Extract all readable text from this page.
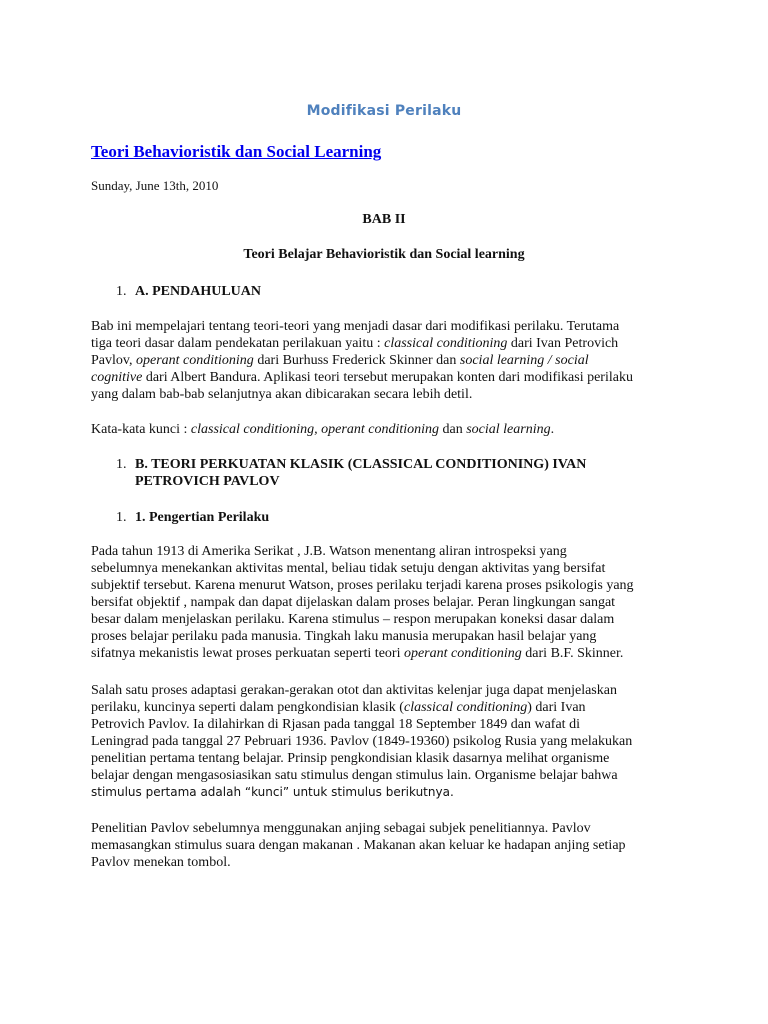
Modifikasi Perilaku
Teori Behavioristik dan Social Learning
Sunday, June 13th, 2010
BAB II
Teori Belajar Behavioristik dan Social learning
1. A. PENDAHULUAN
Bab ini mempelajari tentang teori-teori yang menjadi dasar dari modifikasi perilaku. Terutama
tiga teori dasar dalam pendekatan perilakuan yaitu : classical conditioning dari Ivan Petrovich
Pavlov, operant conditioning dari Burhuss Frederick Skinner dan social learning / social
cognitive dari Albert Bandura. Aplikasi teori tersebut merupakan konten dari modifikasi perilaku
yang dalam bab-bab selanjutnya akan dibicarakan secara lebih detil.
Kata-kata kunci : classical conditioning, operant conditioning dan social learning.
1. B. TEORI PERKUATAN KLASIK (CLASSICAL CONDITIONING) IVAN
PETROVICH PAVLOV
1. 1. Pengertian Perilaku
Pada tahun 1913 di Amerika Serikat , J.B. Watson menentang aliran introspeksi yang
sebelumnya menekankan aktivitas mental, beliau tidak setuju dengan aktivitas yang bersifat
subjektif tersebut. Karena menurut Watson, proses perilaku terjadi karena proses psikologis yang
bersifat objektif , nampak dan dapat dijelaskan dalam proses belajar. Peran lingkungan sangat
besar dalam menjelaskan perilaku. Karena stimulus – respon merupakan koneksi dasar dalam
proses belajar perilaku pada manusia. Tingkah laku manusia merupakan hasil belajar yang
sifatnya mekanistis lewat proses perkuatan seperti teori operant conditioning dari B.F. Skinner.
Salah satu proses adaptasi gerakan-gerakan otot dan aktivitas kelenjar juga dapat menjelaskan
perilaku, kuncinya seperti dalam pengkondisian klasik (classical conditioning) dari Ivan
Petrovich Pavlov. Ia dilahirkan di Rjasan pada tanggal 18 September 1849 dan wafat di
Leningrad pada tanggal 27 Pebruari 1936. Pavlov (1849-19360) psikolog Rusia yang melakukan
penelitian pertama tentang belajar. Prinsip pengkondisian klasik dasarnya melihat organisme
belajar dengan mengasosiasikan satu stimulus dengan stimulus lain. Organisme belajar bahwa
stimulus pertama adalah “kunci” untuk stimulus berikutnya.
Penelitian Pavlov sebelumnya menggunakan anjing sebagai subjek penelitiannya. Pavlov
memasangkan stimulus suara dengan makanan . Makanan akan keluar ke hadapan anjing setiap
Pavlov menekan tombol.
